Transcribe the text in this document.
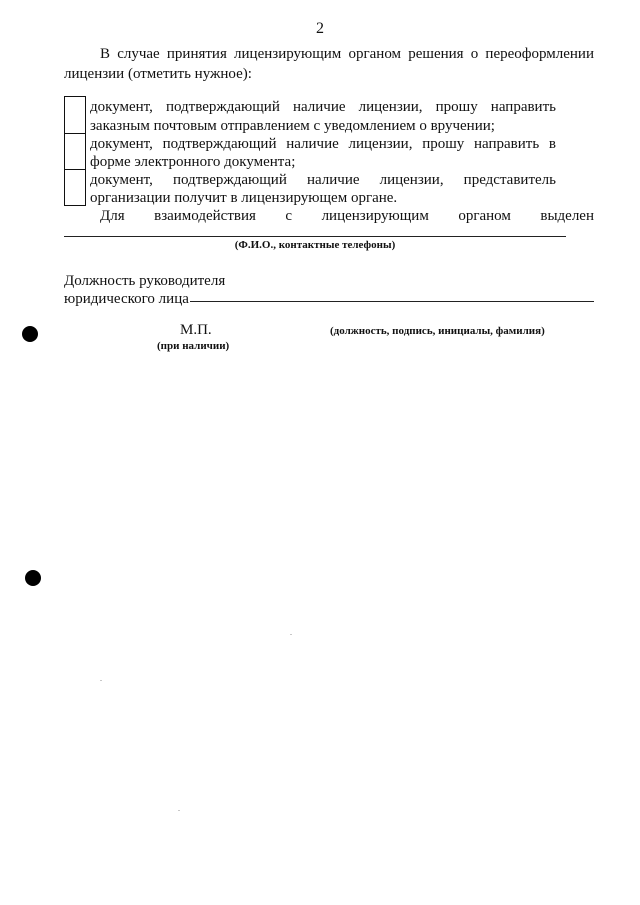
2
В случае принятия лицензирующим органом решения о переоформлении
лицензии (отметить нужное):
документ, подтверждающий наличие лицензии, прошу направить
заказным почтовым отправлением с уведомлением о вручении;
документ, подтверждающий наличие лицензии, прошу направить в
форме электронного документа;
документ, подтверждающий наличие лицензии, представитель
организации получит в лицензирующем органе.
Для взаимодействия с лицензирующим органом выделен
(Ф.И.О., контактные телефоны)
Должность руководителя
юридического лица
М.П.
(при наличии)
(должность, подпись, инициалы, фамилия)
